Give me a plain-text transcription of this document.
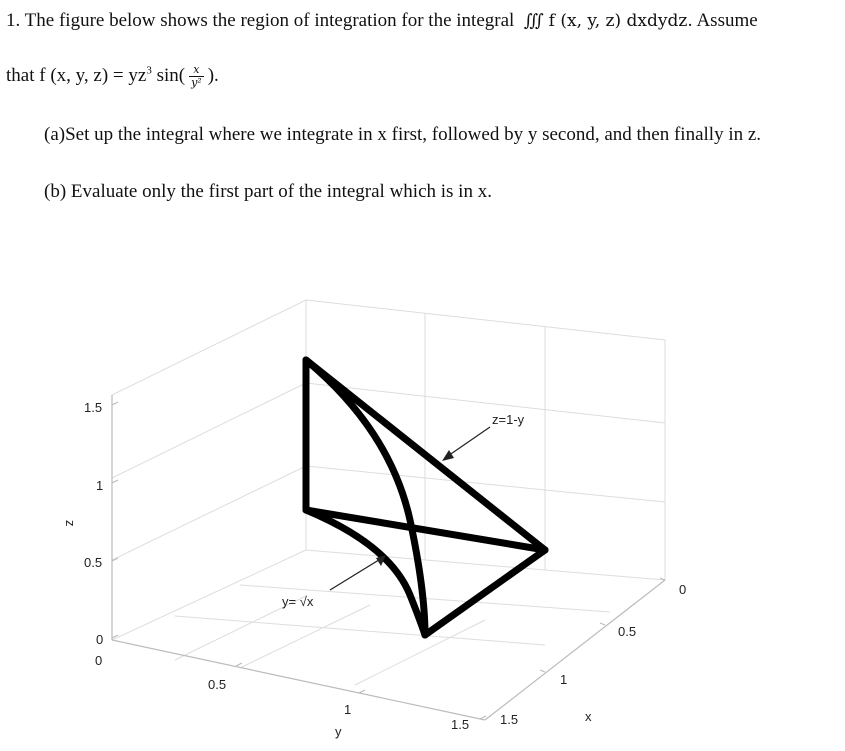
1. The figure below shows the region of integration for the integral ∭ f (x, y, z) dxdydz. Assume
that f (x, y, $z) = yz^3$ $\sin( \frac{x}{\text{y²}}$ ).
(a)Set up the integral where we integrate in x first, followed by y second, and then finally in z.
(b) Evaluate only the first part of the integral which is in x.
1.5
1
0.5
0
z
0
0.5
1
1.5
y
0
0.5
1
1.5	x
z=1-y
y= √x
